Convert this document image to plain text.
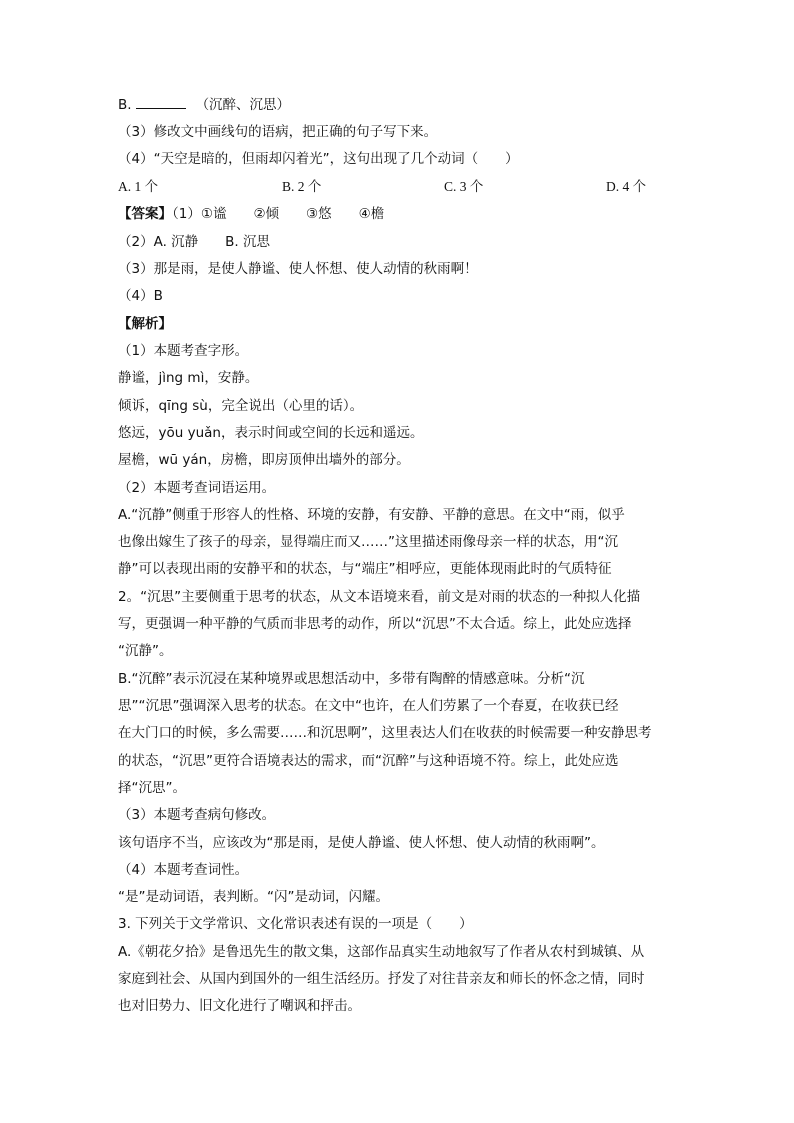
B.	（沉醉、沉思）
（3）修改文中画线句的语病，把正确的句子写下来。
（4）“天空是暗的，但雨却闪着光”，这句出现了几个动词（　　）
A. 1 个	B. 2 个	C. 3 个	D. 4 个
【答案】（1）①谧　　②倾　　③悠　　④檐
（2）A. 沉静　　B. 沉思
（3）那是雨，是使人静谧、使人怀想、使人动情的秋雨啊！
（4）B
【解析】
（1）本题考查字形。
静谧，jìng mì，安静。
倾诉，qīng sù，完全说出（心里的话）。
悠远，yōu yuǎn，表示时间或空间的长远和遥远。
屋檐，wū yán，房檐，即房顶伸出墙外的部分。
（2）本题考查词语运用。
A.“沉静”侧重于形容人的性格、环境的安静，有安静、平静的意思。在文中“雨，似乎
也像出嫁生了孩子的母亲，显得端庄而又……”这里描述雨像母亲一样的状态，用“沉
静”可以表现出雨的安静平和的状态，与“端庄”相呼应，更能体现雨此时的气质特征
2。“沉思”主要侧重于思考的状态，从文本语境来看，前文是对雨的状态的一种拟人化描
写，更强调一种平静的气质而非思考的动作，所以“沉思”不太合适。综上，此处应选择
“沉静”。
B.“沉醉”表示沉浸在某种境界或思想活动中，多带有陶醉的情感意味。分析“沉
思”“沉思”强调深入思考的状态。在文中“也许，在人们劳累了一个春夏，在收获已经
在大门口的时候，多么需要……和沉思啊”，这里表达人们在收获的时候需要一种安静思考
的状态，“沉思”更符合语境表达的需求，而“沉醉”与这种语境不符。综上，此处应选
择“沉思”。
（3）本题考查病句修改。
该句语序不当，应该改为“那是雨，是使人静谧、使人怀想、使人动情的秋雨啊”。
（4）本题考查词性。
“是”是动词语，表判断。“闪”是动词，闪耀。
3. 下列关于文学常识、文化常识表述有误的一项是（　　）
A.《朝花夕拾》是鲁迅先生的散文集，这部作品真实生动地叙写了作者从农村到城镇、从
家庭到社会、从国内到国外的一组生活经历。抒发了对往昔亲友和师长的怀念之情，同时
也对旧势力、旧文化进行了嘲讽和抨击。
